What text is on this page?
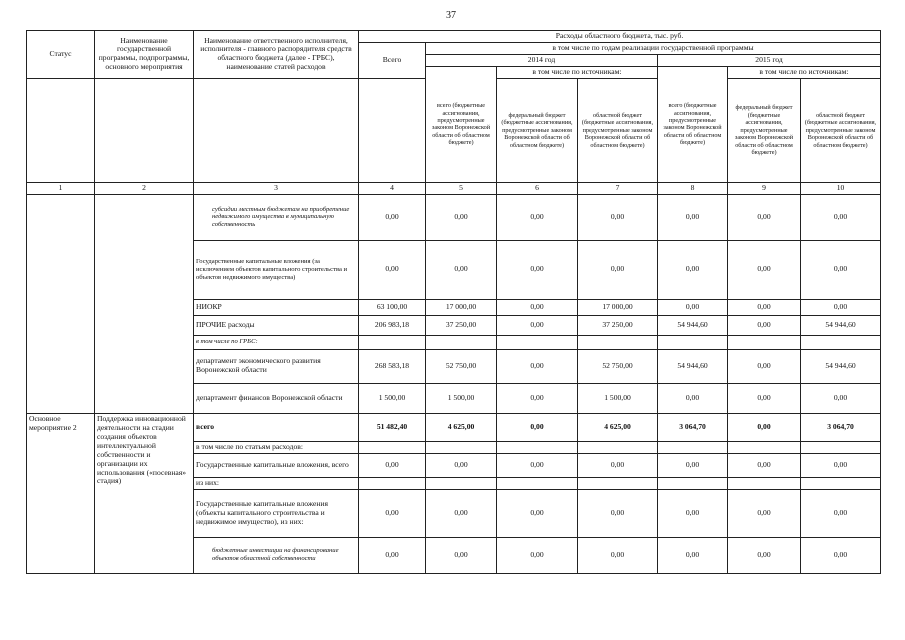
37
Статус	Наименование государственной программы, подпрограммы, основного мероприятия	Наименование ответственного исполнителя, исполнителя - главного распорядителя средств областного бюджета (далее - ГРБС), наименование статей расходов	Расходы областного бюджета, тыс. руб.						
			Всего	в том числе по годам реализации государственной программы					
				2014 год			2015 год		
				всего (бюджетные ассигнования, предусмотренные законом Воронежской области об областном бюджете)	в том числе по источникам:		всего (бюджетные ассигнования, предусмотренные законом Воронежской области об областном бюджете)	в том числе по источникам:	
					федеральный бюджет (бюджетные ассигнования, предусмотренные законом Воронежской области об областном бюджете)	областной бюджет (бюджетные ассигнования, предусмотренные законом Воронежской области об областном бюджете)		федеральный бюджет (бюджетные ассигнования, предусмотренные законом Воронежской области об областном бюджете)	областной бюджет (бюджетные ассигнования, предусмотренные законом Воронежской области об областном бюджете)
1	2	3	4	5	6	7	8	9	10
		субсидии местным бюджетам на приобретение недвижимого имущества в муниципальную собственность	0,00	0,00	0,00	0,00	0,00	0,00	0,00
		Государственные капитальные вложения (за исключением объектов капитального строительства и объектов недвижимого имущества)	0,00	0,00	0,00	0,00	0,00	0,00	0,00
		НИОКР	63 100,00	17 000,00	0,00	17 000,00	0,00	0,00	0,00
		ПРОЧИЕ расходы	206 983,18	37 250,00	0,00	37 250,00	54 944,60	0,00	54 944,60
		в том числе по ГРБС:							
		департамент экономического развития Воронежской области	268 583,18	52 750,00	0,00	52 750,00	54 944,60	0,00	54 944,60
		департамент финансов Воронежской области	1 500,00	1 500,00	0,00	1 500,00	0,00	0,00	0,00
Основное мероприятие 2	Поддержка инновационной деятельности на стадии создания объектов интеллектуальной собственности и организации их использования («посевная» стадия)	всего	51 482,40	4 625,00	0,00	4 625,00	3 064,70	0,00	3 064,70
		в том числе по статьям расходов:							
		Государственные капитальные вложения, всего	0,00	0,00	0,00	0,00	0,00	0,00	0,00
		из них:							
		Государственные капитальные вложения (объекты капитального строительства и недвижимое имущество), из них:	0,00	0,00	0,00	0,00	0,00	0,00	0,00
		бюджетные инвестиции на финансирование объектов областной собственности	0,00	0,00	0,00	0,00	0,00	0,00	0,00
